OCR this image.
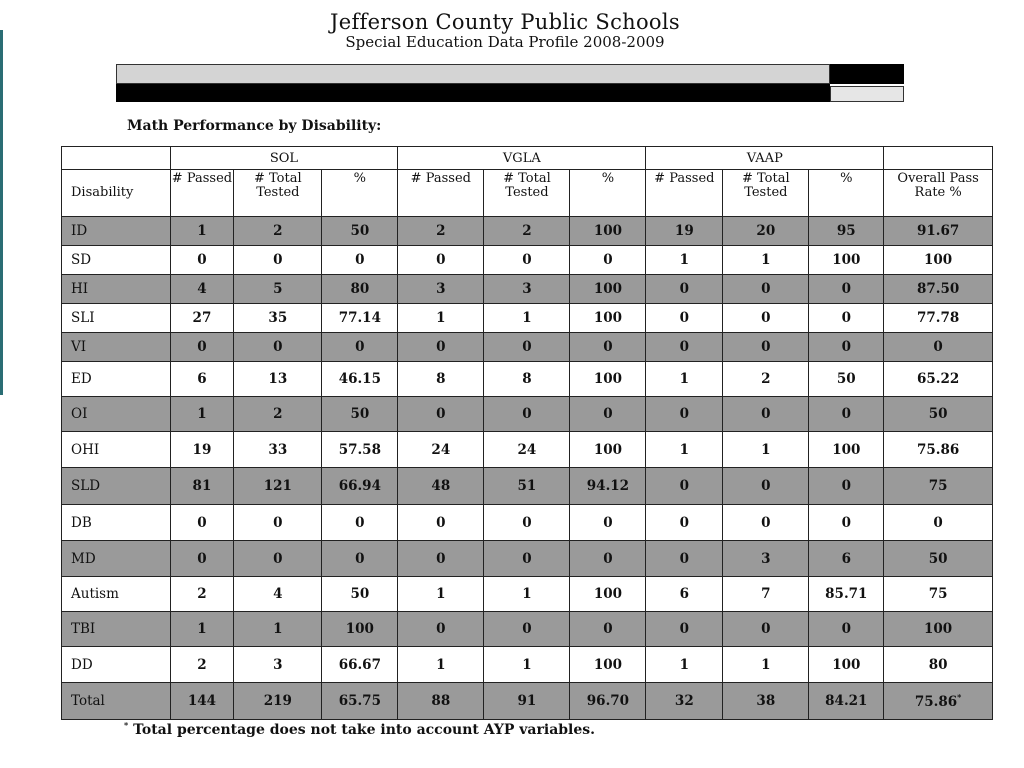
Jefferson County Public Schools
Special Education Data Profile 2008-2009
Math Performance by Disability:
	SOL			VGLA			VAAP			
Disability	# Passed	# Total Tested	%	# Passed	# Total Tested	%	# Passed	# Total Tested	%	Overall Pass Rate %
ID	1	2	50	2	2	100	19	20	95	91.67
SD	0	0	0	0	0	0	1	1	100	100
HI	4	5	80	3	3	100	0	0	0	87.50
SLI	27	35	77.14	1	1	100	0	0	0	77.78
VI	0	0	0	0	0	0	0	0	0	0
ED	6	13	46.15	8	8	100	1	2	50	65.22
OI	1	2	50	0	0	0	0	0	0	50
OHI	19	33	57.58	24	24	100	1	1	100	75.86
SLD	81	121	66.94	48	51	94.12	0	0	0	75
DB	0	0	0	0	0	0	0	0	0	0
MD	0	0	0	0	0	0	0	3	6	50
Autism	2	4	50	1	1	100	6	7	85.71	75
TBI	1	1	100	0	0	0	0	0	0	100
DD	2	3	66.67	1	1	100	1	1	100	80
Total	144	219	65.75	88	91	96.70	32	38	84.21	75.86*
* Total percentage does not take into account AYP variables.
